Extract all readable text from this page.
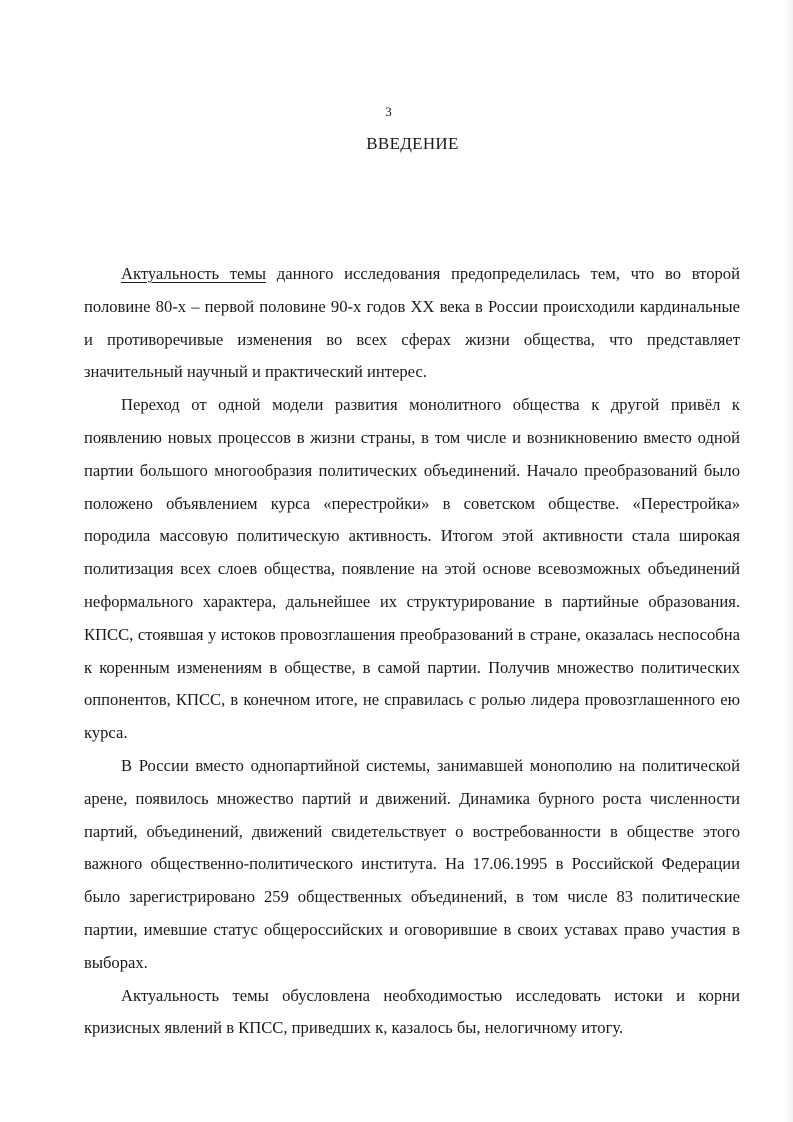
3
ВВЕДЕНИЕ

Актуальность темы данного исследования предопределилась тем, что во второй половине 80-х – первой половине 90-х годов XX века в России происходили кардинальные и противоречивые изменения во всех сферах жизни общества, что представляет значительный научный и практический интерес.

Переход от одной модели развития монолитного общества к другой привёл к появлению новых процессов в жизни страны, в том числе и возникновению вместо одной партии большого многообразия политических объединений. Начало преобразований было положено объявлением курса «перестройки» в советском обществе. «Перестройка» породила массовую политическую активность. Итогом этой активности стала широкая политизация всех слоев общества, появление на этой основе всевозможных объединений неформального характера, дальнейшее их структурирование в партийные образования. КПСС, стоявшая у истоков провозглашения преобразований в стране, оказалась неспособна к коренным изменениям в обществе, в самой партии. Получив множество политических оппонентов, КПСС, в конечном итоге, не справилась с ролью лидера провозглашенного ею курса.

В России вместо однопартийной системы, занимавшей монополию на политической арене, появилось множество партий и движений. Динамика бурного роста численности партий, объединений, движений свидетельствует о востребованности в обществе этого важного общественно-политического института. На 17.06.1995 в Российской Федерации было зарегистрировано 259 общественных объединений, в том числе 83 политические партии, имевшие статус общероссийских и оговорившие в своих уставах право участия в выборах.

Актуальность темы обусловлена необходимостью исследовать истоки и корни кризисных явлений в КПСС, приведших к, казалось бы, нелогичному итогу.
